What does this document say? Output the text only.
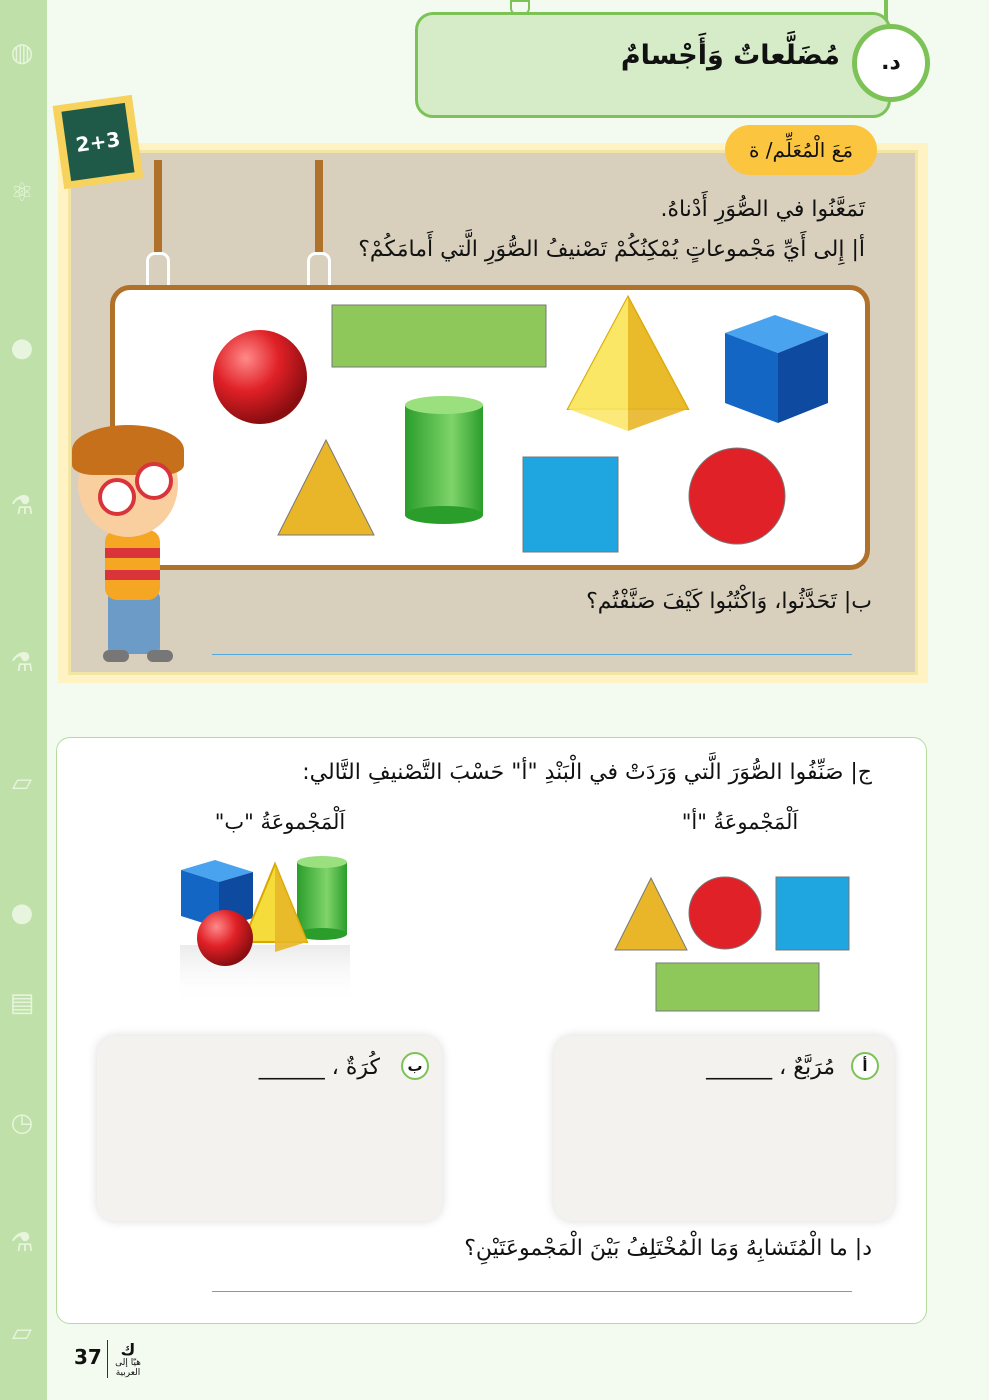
◍
⚛
●
⚗
⚗
▱
●
▤
◷
⚗
▱
مُضَلَّعاتٌ وَأَجْسامٌ	د.
2+3	مَعَ الْمُعَلِّم/ ة
تَمَعَّنُوا في الصُّوَرِ أَدْناهُ.
أ| إِلى أَيِّ مَجْموعاتٍ يُمْكِنُكُمْ تَصْنيفُ الصُّوَرِ الَّتي أَمامَكُمْ؟
ب| تَحَدَّثُوا، وَاكْتُبُوا كَيْفَ صَنَّفْتُم؟
ج| صَنِّفُوا الصُّوَرَ الَّتي وَرَدَتْ في الْبَنْدِ "أ" حَسْبَ التَّصْنيفِ التَّالي:
اَلْمَجْموعَةُ "أ"
اَلْمَجْموعَةُ "ب"
أ
مُرَبَّعٌ ، ______
ب
كُرَةٌ ، ______
د| ما الْمُتَشابِهُ وَمَا الْمُخْتَلِفُ بَيْنَ الْمَجْموعَتَيْنِ؟
37	ك
هيّا إلى العربية
